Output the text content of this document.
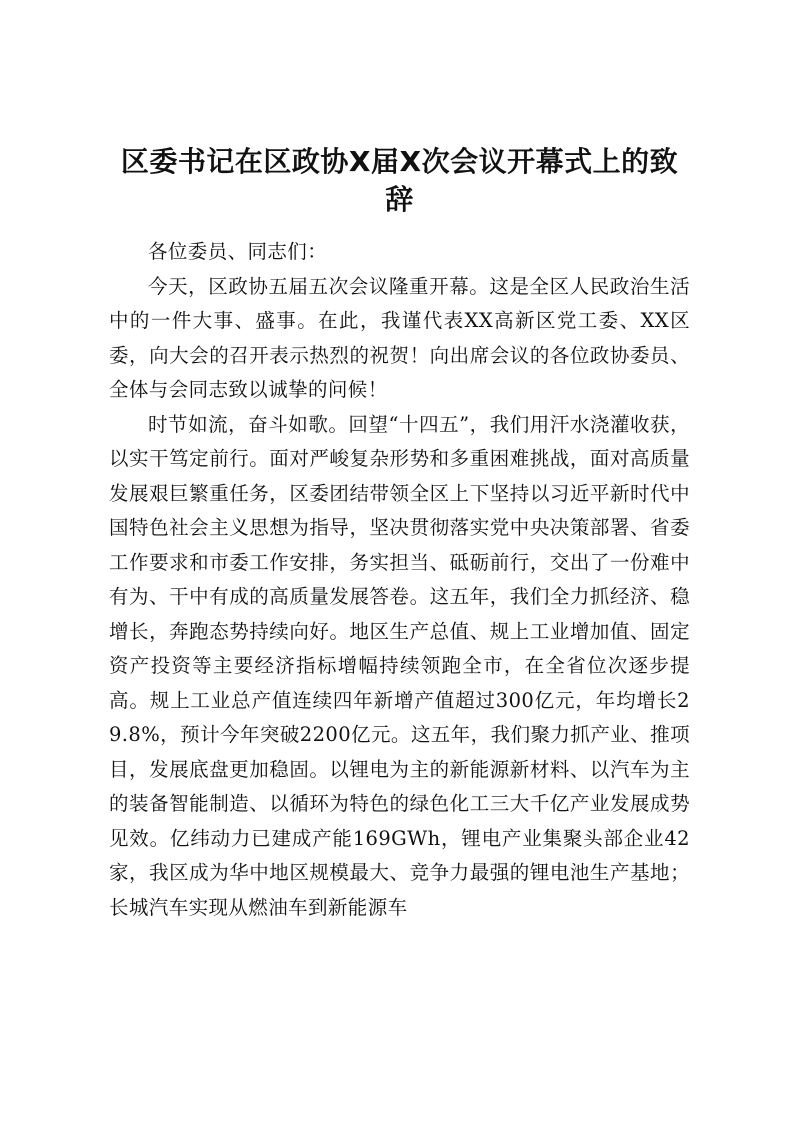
区委书记在区政协X届X次会议开幕式上的致辞

各位委员、同志们：

今天，区政协五届五次会议隆重开幕。这是全区人民政治生活中的一件大事、盛事。在此，我谨代表XX高新区党工委、XX区委，向大会的召开表示热烈的祝贺！向出席会议的各位政协委员、全体与会同志致以诚挚的问候！

时节如流，奋斗如歌。回望“十四五”，我们用汗水浇灌收获，以实干笃定前行。面对严峻复杂形势和多重困难挑战，面对高质量发展艰巨繁重任务，区委团结带领全区上下坚持以习近平新时代中国特色社会主义思想为指导，坚决贯彻落实党中央决策部署、省委工作要求和市委工作安排，务实担当、砥砺前行，交出了一份难中有为、干中有成的高质量发展答卷。这五年，我们全力抓经济、稳增长，奔跑态势持续向好。地区生产总值、规上工业增加值、固定资产投资等主要经济指标增幅持续领跑全市，在全省位次逐步提高。规上工业总产值连续四年新增产值超过300亿元，年均增长29.8%，预计今年突破2200亿元。这五年，我们聚力抓产业、推项目，发展底盘更加稳固。以锂电为主的新能源新材料、以汽车为主的装备智能制造、以循环为特色的绿色化工三大千亿产业发展成势见效。亿纬动力已建成产能169GWh，锂电产业集聚头部企业42家，我区成为华中地区规模最大、竞争力最强的锂电池生产基地；长城汽车实现从燃油车到新能源车
